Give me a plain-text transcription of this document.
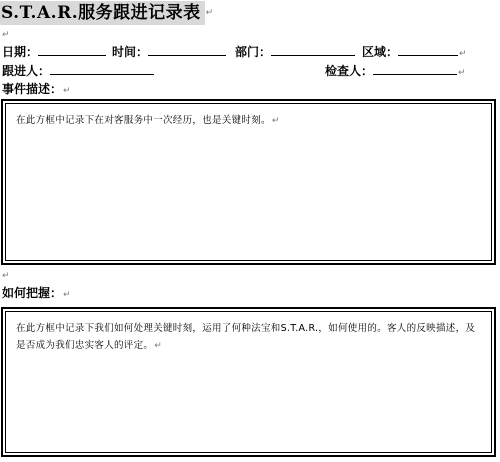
S.T.A.R.服务跟进记录表 ↵
↵
日期：	时间：	部门：	区域：	↵
跟进人：	检查人：	↵
事件描述：↵
在此方框中记录下在对客服务中一次经历，也是关键时刻。↵
↵
如何把握：↵
在此方框中记录下我们如何处理关键时刻，运用了何种法宝和S.T.A.R.，如何使用的。客人的反映描述，及是否成为我们忠实客人的评定。↵
